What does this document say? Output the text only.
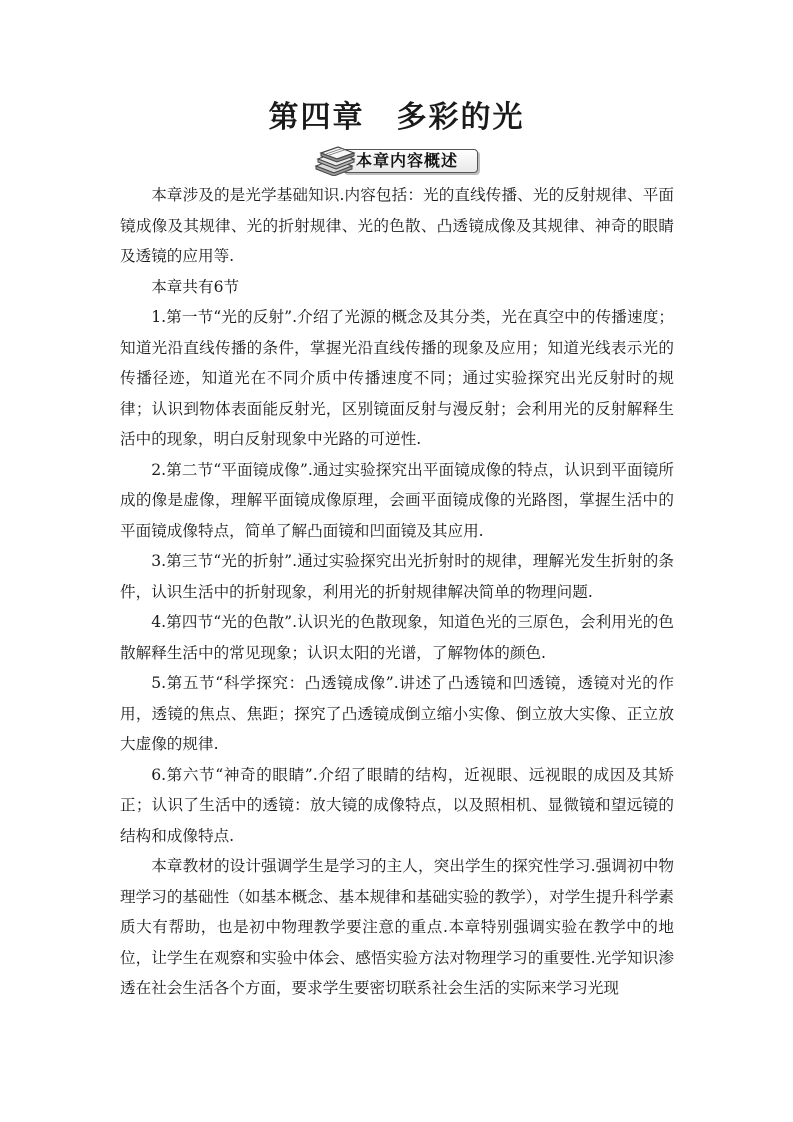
第四章　多彩的光
本章内容概述

本章涉及的是光学基础知识.内容包括：光的直线传播、光的反射规律、平面镜成像及其规律、光的折射规律、光的色散、凸透镜成像及其规律、神奇的眼睛及透镜的应用等.

本章共有6节

1.第一节“光的反射”.介绍了光源的概念及其分类，光在真空中的传播速度；知道光沿直线传播的条件，掌握光沿直线传播的现象及应用；知道光线表示光的传播径迹，知道光在不同介质中传播速度不同；通过实验探究出光反射时的规律；认识到物体表面能反射光，区别镜面反射与漫反射；会利用光的反射解释生活中的现象，明白反射现象中光路的可逆性.

2.第二节“平面镜成像”.通过实验探究出平面镜成像的特点，认识到平面镜所成的像是虚像，理解平面镜成像原理，会画平面镜成像的光路图，掌握生活中的平面镜成像特点，简单了解凸面镜和凹面镜及其应用.

3.第三节“光的折射”.通过实验探究出光折射时的规律，理解光发生折射的条件，认识生活中的折射现象，利用光的折射规律解决简单的物理问题.

4.第四节“光的色散”.认识光的色散现象，知道色光的三原色，会利用光的色散解释生活中的常见现象；认识太阳的光谱，了解物体的颜色.

5.第五节“科学探究：凸透镜成像”.讲述了凸透镜和凹透镜，透镜对光的作用，透镜的焦点、焦距；探究了凸透镜成倒立缩小实像、倒立放大实像、正立放大虚像的规律.

6.第六节“神奇的眼睛”.介绍了眼睛的结构，近视眼、远视眼的成因及其矫正；认识了生活中的透镜：放大镜的成像特点，以及照相机、显微镜和望远镜的结构和成像特点.

本章教材的设计强调学生是学习的主人，突出学生的探究性学习.强调初中物理学习的基础性（如基本概念、基本规律和基础实验的教学），对学生提升科学素质大有帮助，也是初中物理教学要注意的重点.本章特别强调实验在教学中的地位，让学生在观察和实验中体会、感悟实验方法对物理学习的重要性.光学知识渗透在社会生活各个方面，要求学生要密切联系社会生活的实际来学习光现
